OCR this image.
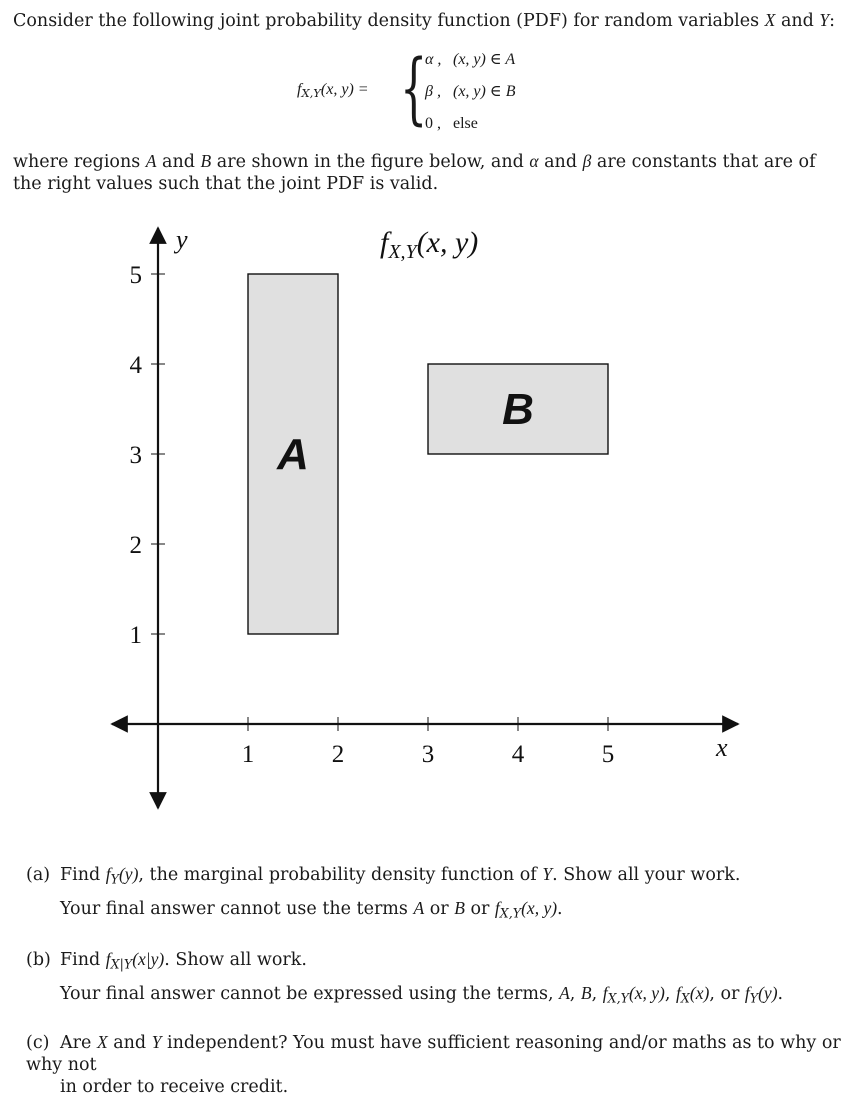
Consider the following joint probability density function (PDF) for random variables X and Y:

$f_{X,Y}(x$, y) = {
α , (x, y) ∈ A
β , (x, y) ∈ B
0 , else

where regions A and B are shown in the figure below, and α and β are constants that are of the right values such that the joint PDF is valid.

A
B
1	2	3	4	5
1
2
3
4
5
$f_{X,Y}(x$, y)
y
x
(a) Find $f_Y(y)$, the marginal probability density function of Y. Show all your work.
Your final answer cannot use the terms A or B or $f_{X,Y}(x$, y).
(b) Find $f_{X|Y}(x|y)$. Show all work.
Your final answer cannot be expressed using the terms, A, B, $f_{X,Y}(x$, y), $f_X(x)$, or $f_Y(y)$.
(c) Are X and Y independent? You must have sufficient reasoning and/or maths as to why or why not
in order to receive credit.
